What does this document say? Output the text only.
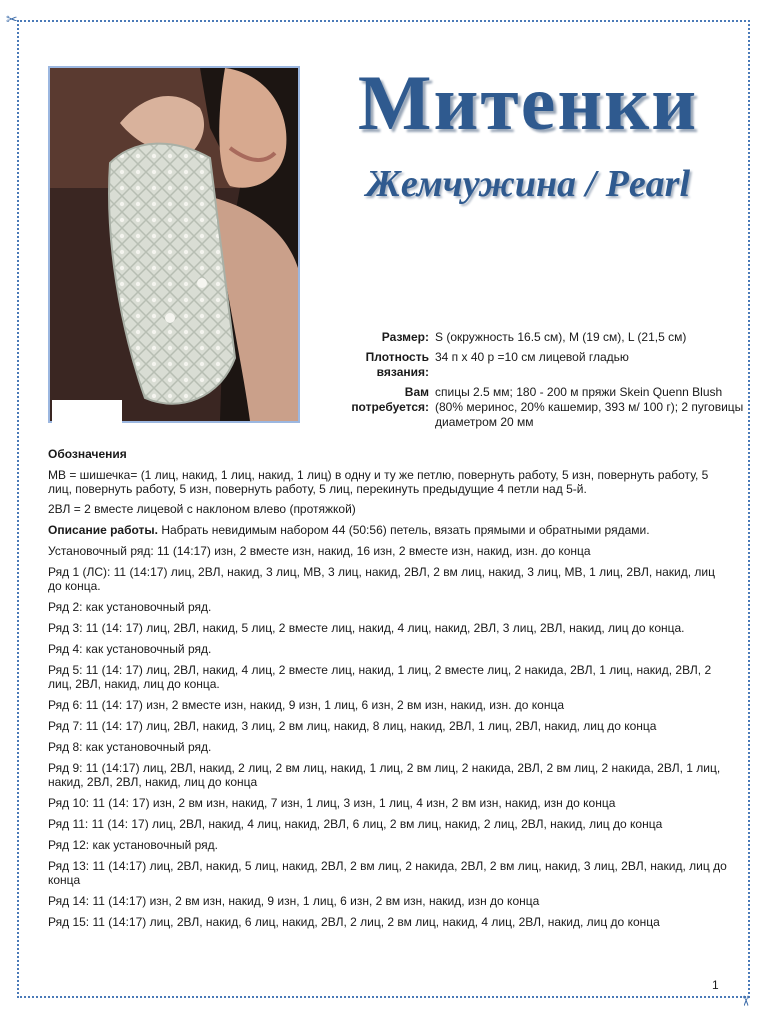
✂
✂
Митенки
Жемчужина / Pearl
Размер: S (окружность 16.5 см), M (19 см), L (21,5 см)
Плотность вязания:
34 п х 40 р =10 см лицевой гладью
Вам потребуется:
спицы 2.5 мм; 180 - 200 м пряжи Skein Quenn Blush (80% мериноc, 20% кашемир, 393 м/ 100 г); 2 пуговицы диаметром 20 мм

Обозначения

MB = шишечка= (1 лиц, накид, 1 лиц, накид, 1 лиц) в одну и ту же петлю, повернуть работу, 5 изн, повернуть работу, 5 лиц, повернуть работу, 5 изн, повернуть работу, 5 лиц, перекинуть предыдущие 4 петли над 5-й.

2ВЛ = 2 вместе лицевой с наклоном влево (протяжкой)

Описание работы. Набрать невидимым набором 44 (50:56) петель, вязать прямыми и обратными рядами.

Установочный ряд: 11 (14:17) изн, 2 вместе изн, накид, 16 изн, 2 вместе изн, накид, изн. до конца

Ряд 1 (ЛС): 11 (14:17) лиц, 2ВЛ, накид, 3 лиц, MB, 3 лиц, накид, 2ВЛ, 2 вм лиц, накид, 3 лиц, MB, 1 лиц, 2ВЛ, накид, лиц до конца.

Ряд 2: как установочный ряд.

Ряд 3: 11 (14: 17) лиц, 2ВЛ, накид, 5 лиц, 2 вместе лиц, накид, 4 лиц, накид, 2ВЛ, 3 лиц, 2ВЛ, накид, лиц до конца.

Ряд 4: как установочный ряд.

Ряд 5: 11 (14: 17) лиц, 2ВЛ, накид, 4 лиц, 2 вместе лиц, накид, 1 лиц, 2 вместе лиц, 2 накида, 2ВЛ, 1 лиц, накид, 2ВЛ, 2 лиц, 2ВЛ, накид, лиц до конца.

Ряд 6: 11 (14: 17) изн, 2 вместе изн, накид, 9 изн, 1 лиц, 6 изн, 2 вм изн, накид, изн. до конца

Ряд 7: 11 (14: 17) лиц, 2ВЛ, накид, 3 лиц, 2 вм лиц, накид, 8 лиц, накид, 2ВЛ, 1 лиц, 2ВЛ, накид, лиц до конца

Ряд 8: как установочный ряд.

Ряд 9: 11 (14:17) лиц, 2ВЛ, накид, 2 лиц, 2 вм лиц, накид, 1 лиц, 2 вм лиц, 2 накида, 2ВЛ, 2 вм лиц, 2 накида, 2ВЛ, 1 лиц, накид, 2ВЛ, 2ВЛ, накид, лиц до конца

Ряд 10: 11 (14: 17) изн, 2 вм изн, накид, 7 изн, 1 лиц, 3 изн, 1 лиц, 4 изн, 2 вм изн, накид, изн до конца

Ряд 11: 11 (14: 17) лиц, 2ВЛ, накид, 4 лиц, накид, 2ВЛ, 6 лиц, 2 вм лиц, накид, 2 лиц, 2ВЛ, накид, лиц до конца

Ряд 12: как установочный ряд.

Ряд 13: 11 (14:17) лиц, 2ВЛ, накид, 5 лиц, накид, 2ВЛ, 2 вм лиц, 2 накида, 2ВЛ, 2 вм лиц, накид, 3 лиц, 2ВЛ, накид, лиц до конца

Ряд 14: 11 (14:17) изн, 2 вм изн, накид, 9 изн, 1 лиц, 6 изн, 2 вм изн, накид, изн до конца

Ряд 15: 11 (14:17) лиц, 2ВЛ, накид, 6 лиц, накид, 2ВЛ, 2 лиц, 2 вм лиц, накид, 4 лиц, 2ВЛ, накид, лиц до конца

1
